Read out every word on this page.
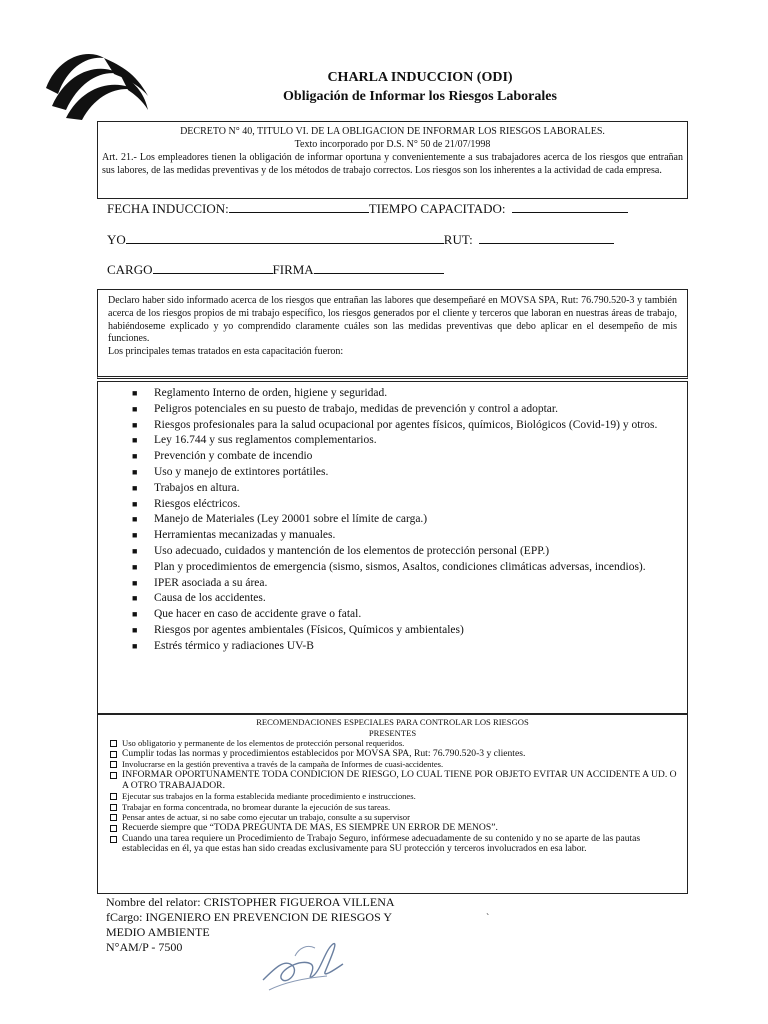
CHARLA INDUCCION (ODI)
Obligación de Informar los Riesgos Laborales
DECRETO N° 40, TITULO VI. DE LA OBLIGACION DE INFORMAR LOS RIESGOS LABORALES.
Texto incorporado por D.S. N° 50 de 21/07/1998
Art. 21.- Los empleadores tienen la obligación de informar oportuna y convenientemente a sus trabajadores acerca de los riesgos que entrañan sus labores, de las medidas preventivas y de los métodos de trabajo correctos. Los riesgos son los inherentes a la actividad de cada empresa.
FECHA INDUCCION:	TIEMPO CAPACITADO:
YO	RUT:
CARGO	FIRMA
Declaro haber sido informado acerca de los riesgos que entrañan las labores que desempeñaré en MOVSA SPA, Rut: 76.790.520-3 y también acerca de los riesgos propios de mi trabajo específico, los riesgos generados por el cliente y terceros que laboran en nuestras áreas de trabajo, habiéndoseme explicado y yo comprendido claramente cuáles son las medidas preventivas que debo aplicar en el desempeño de mis funciones.
Los principales temas tratados en esta capacitación fueron:
■ Reglamento Interno de orden, higiene y seguridad.
■ Peligros potenciales en su puesto de trabajo, medidas de prevención y control a adoptar.
■ Riesgos profesionales para la salud ocupacional por agentes físicos, químicos, Biológicos (Covid-19) y otros.
■ Ley 16.744 y sus reglamentos complementarios.
■ Prevención y combate de incendio
■ Uso y manejo de extintores portátiles.
■ Trabajos en altura.
■ Riesgos eléctricos.
■ Manejo de Materiales (Ley 20001 sobre el límite de carga.)
■ Herramientas mecanizadas y manuales.
■ Uso adecuado, cuidados y mantención de los elementos de protección personal (EPP.)
■ Plan y procedimientos de emergencia (sismo, sismos, Asaltos, condiciones climáticas adversas, incendios).
■ IPER asociada a su área.
■ Causa de los accidentes.
■ Que hacer en caso de accidente grave o fatal.
■ Riesgos por agentes ambientales (Físicos, Químicos y ambientales)
■ Estrés térmico y radiaciones UV-B
RECOMENDACIONES ESPECIALES PARA CONTROLAR LOS RIESGOS
PRESENTES
Uso obligatorio y permanente de los elementos de protección personal requeridos.
Cumplir todas las normas y procedimientos establecidos por MOVSA SPA, Rut: 76.790.520-3 y clientes.
Involucrarse en la gestión preventiva a través de la campaña de Informes de cuasi-accidentes.
INFORMAR OPORTUNAMENTE TODA CONDICION DE RIESGO, LO CUAL TIENE POR OBJETO EVITAR UN ACCIDENTE A UD. O A OTRO TRABAJADOR.
Ejecutar sus trabajos en la forma establecida mediante procedimiento e instrucciones.
Trabajar en forma concentrada, no bromear durante la ejecución de sus tareas.
Pensar antes de actuar, si no sabe como ejecutar un trabajo, consulte a su supervisor
Recuerde siempre que “TODA PREGUNTA DE MAS, ES SIEMPRE UN ERROR DE MENOS”.
Cuando una tarea requiere un Procedimiento de Trabajo Seguro, infórmese adecuadamente de su contenido y no se aparte de las pautas establecidas en él, ya que estas han sido creadas exclusivamente para SU protección y terceros involucrados en esa labor.
Nombre del relator: CRISTOPHER FIGUEROA VILLENA
fCargo: INGENIERO EN PREVENCION DE RIESGOS Y
MEDIO AMBIENTE
N°AM/P - 7500
`
